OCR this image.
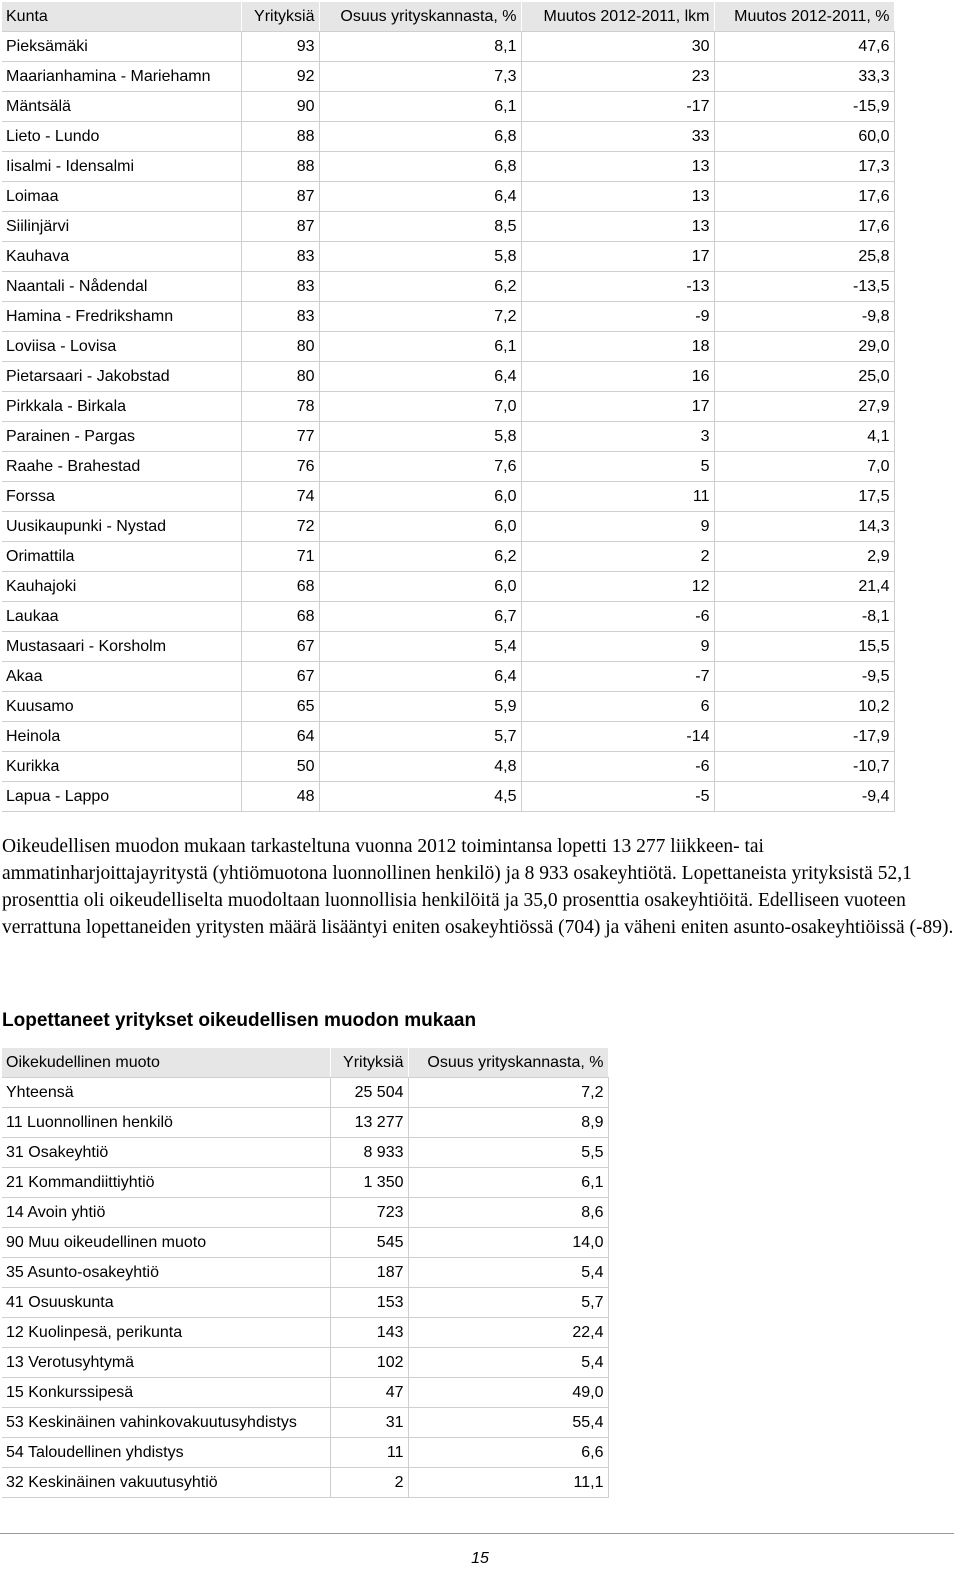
Kunta	Yrityksiä	Osuus yrityskannasta, %	Muutos 2012-2011, lkm	Muutos 2012-2011, %
Pieksämäki	93	8,1	30	47,6
Maarianhamina - Mariehamn	92	7,3	23	33,3
Mäntsälä	90	6,1	-17	-15,9
Lieto - Lundo	88	6,8	33	60,0
Iisalmi - Idensalmi	88	6,8	13	17,3
Loimaa	87	6,4	13	17,6
Siilinjärvi	87	8,5	13	17,6
Kauhava	83	5,8	17	25,8
Naantali - Nådendal	83	6,2	-13	-13,5
Hamina - Fredrikshamn	83	7,2	-9	-9,8
Loviisa - Lovisa	80	6,1	18	29,0
Pietarsaari - Jakobstad	80	6,4	16	25,0
Pirkkala - Birkala	78	7,0	17	27,9
Parainen - Pargas	77	5,8	3	4,1
Raahe - Brahestad	76	7,6	5	7,0
Forssa	74	6,0	11	17,5
Uusikaupunki - Nystad	72	6,0	9	14,3
Orimattila	71	6,2	2	2,9
Kauhajoki	68	6,0	12	21,4
Laukaa	68	6,7	-6	-8,1
Mustasaari - Korsholm	67	5,4	9	15,5
Akaa	67	6,4	-7	-9,5
Kuusamo	65	5,9	6	10,2
Heinola	64	5,7	-14	-17,9
Kurikka	50	4,8	-6	-10,7
Lapua - Lappo	48	4,5	-5	-9,4
Oikeudellisen muodon mukaan tarkasteltuna vuonna 2012 toimintansa lopetti 13 277 liikkeen- tai ammatinharjoittajayritystä (yhtiömuotona luonnollinen henkilö) ja 8 933 osakeyhtiötä. Lopettaneista yrityksistä 52,1 prosenttia oli oikeudelliselta muodoltaan luonnollisia henkilöitä ja 35,0 prosenttia osakeyhtiöitä. Edelliseen vuoteen verrattuna lopettaneiden yritysten määrä lisääntyi eniten osakeyhtiössä (704) ja väheni eniten asunto-osakeyhtiöissä (-89).
Lopettaneet yritykset oikeudellisen muodon mukaan
Oikekudellinen muoto	Yrityksiä	Osuus yrityskannasta, %
Yhteensä	25 504	7,2
11 Luonnollinen henkilö	13 277	8,9
31 Osakeyhtiö	8 933	5,5
21 Kommandiittiyhtiö	1 350	6,1
14 Avoin yhtiö	723	8,6
90 Muu oikeudellinen muoto	545	14,0
35 Asunto-osakeyhtiö	187	5,4
41 Osuuskunta	153	5,7
12 Kuolinpesä, perikunta	143	22,4
13 Verotusyhtymä	102	5,4
15 Konkurssipesä	47	49,0
53 Keskinäinen vahinkovakuutusyhdistys	31	55,4
54 Taloudellinen yhdistys	11	6,6
32 Keskinäinen vakuutusyhtiö	2	11,1
15
